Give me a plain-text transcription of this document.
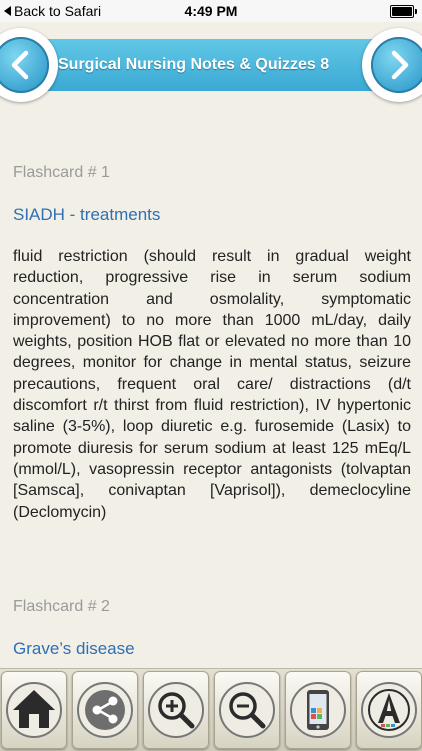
Back to Safari	4:49 PM
Surgical Nursing Notes & Quizzes 8
Flashcard # 1
SIADH - treatments
fluid restriction (should result in gradual weight reduction, progressive rise in serum sodium concentration and osmolality, symptomatic improvement) to no more than 1000 mL/day, daily weights, position HOB flat or elevated no more than 10 degrees, monitor for change in mental status, seizure precautions, frequent oral care/ distractions (d/t discomfort r/t thirst from fluid restriction), IV hypertonic saline (3-5%), loop diuretic e.g. furosemide (Lasix) to promote diuresis for serum sodium at least 125 mEq/L (mmol/L), vasopressin receptor antagonists (tolvaptan [Samsca], conivaptan [Vaprisol]), demeclocyline (Declomycin)
Flashcard # 2
Grave’s disease
